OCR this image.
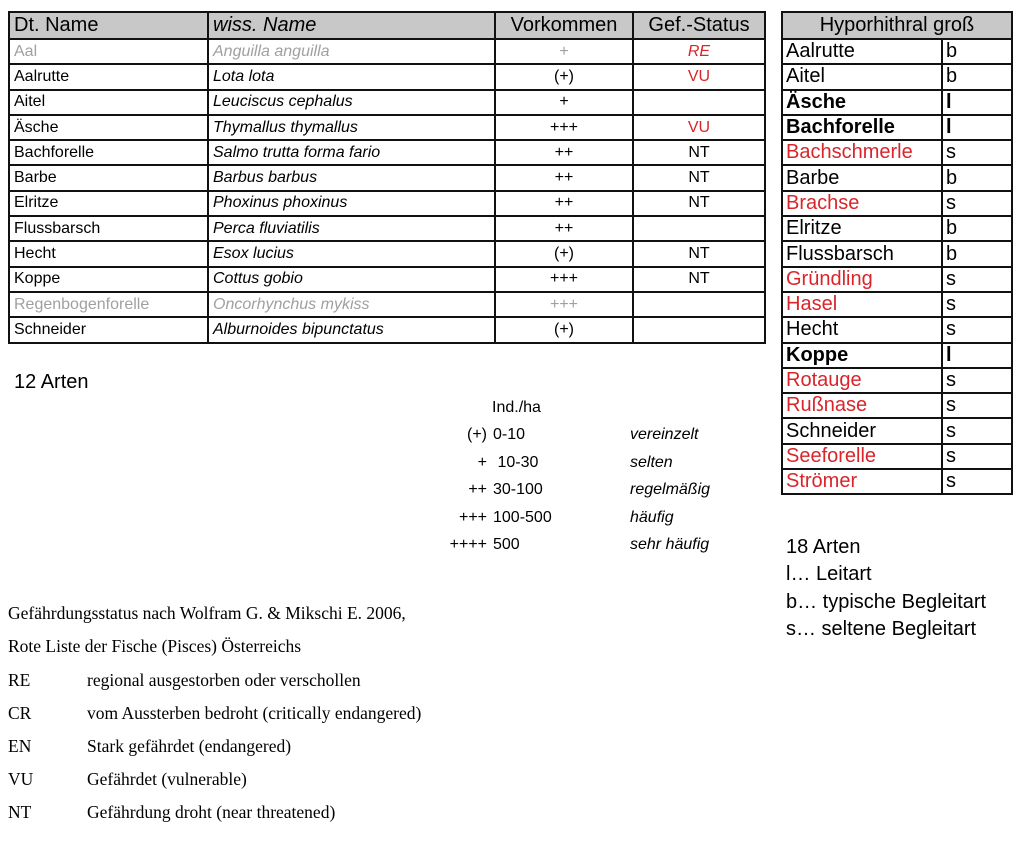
Dt. Name	wiss. Name	Vorkommen	Gef.-Status
Aal	Anguilla anguilla	+	RE
Aalrutte	Lota lota	(+)	VU
Aitel	Leuciscus cephalus	+	
Äsche	Thymallus thymallus	+++	VU
Bachforelle	Salmo trutta forma fario	++	NT
Barbe	Barbus barbus	++	NT
Elritze	Phoxinus phoxinus	++	NT
Flussbarsch	Perca fluviatilis	++	
Hecht	Esox lucius	(+)	NT
Koppe	Cottus gobio	+++	NT
Regenbogenforelle	Oncorhynchus mykiss	+++	
Schneider	Alburnoides bipunctatus	(+)	
12 Arten
Ind./ha
(+) 0-10	vereinzelt
+ 10-30	selten
++ 30-100	regelmäßig
+++ 100-500	häufig
++++ 500	sehr häufig
Hyporhithral groß	
Aalrutte	b
Aitel	b
Äsche	l
Bachforelle	l
Bachschmerle	s
Barbe	b
Brachse	s
Elritze	b
Flussbarsch	b
Gründling	s
Hasel	s
Hecht	s
Koppe	l
Rotauge	s
Rußnase	s
Schneider	s
Seeforelle	s
Strömer	s
18 Arten
l… Leitart
b… typische Begleitart
s… seltene Begleitart
Gefährdungsstatus nach Wolfram G. & Mikschi E. 2006,
Rote Liste der Fische (Pisces) Österreichs
RE	regional ausgestorben oder verschollen
CR	vom Aussterben bedroht (critically endangered)
EN	Stark gefährdet (endangered)
VU	Gefährdet (vulnerable)
NT	Gefährdung droht (near threatened)
